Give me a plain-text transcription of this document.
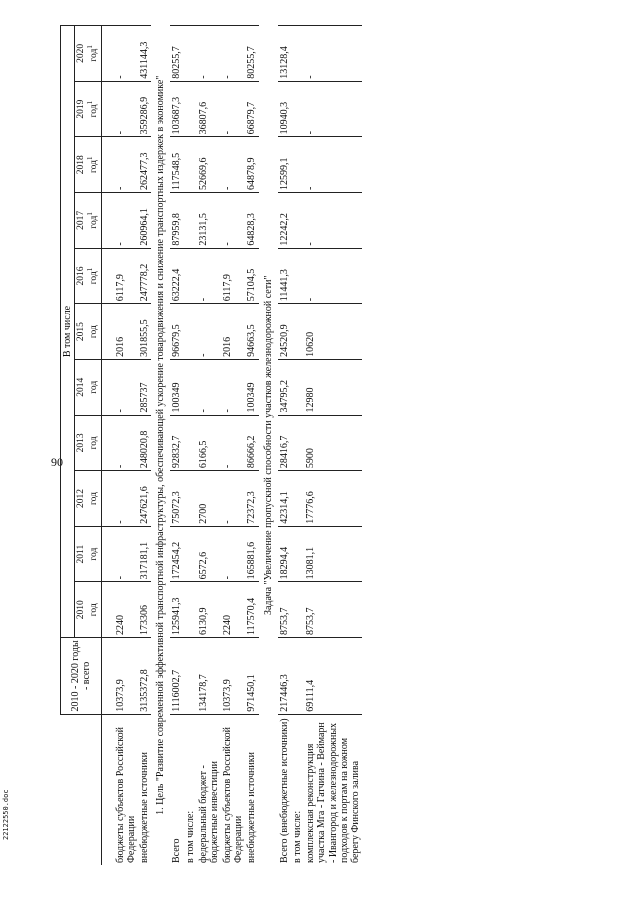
90
	2010 - 2020 годы - всего	В том числе										

		2010 год	2011 год	2012 год	2013 год	2014 год	2015 год	2016 год$^1$	2017 год$^1$	2018 год$^1$	2019 год$^1$	2020 год$^1$

бюджеты субъектов Российской Федерации	10373,9	2240	-	-	-	-	2016	6117,9	-	-	-	-
внебюджетные источники	3135372,8	173306	317181,1	247621,6	248020,8	285737	301855,5	247778,2	260964,1	262477,3	359286,9	431144,3
1. Цель "Развитие современной эффективной транспортной инфраструктуры, обеспечивающей ускорение товародвижения и снижение транспортных издержек в экономике"												
Всего	1116002,7	125941,3	172454,2	75072,3	92832,7	100349	96679,5	63222,4	87959,8	117548,5	103687,3	80255,7
в том числе:												
федеральный бюджет - бюджетные инвестиции	134178,7	6130,9	6572,6	2700	6166,5	-	-	-	23131,5	52669,6	36807,6	-
бюджеты субъектов Российской Федерации	10373,9	2240	-	-	-	-	2016	6117,9	-	-	-	-
внебюджетные источники	971450,1	117570,4	165881,6	72372,3	86666,2	100349	94663,5	57104,5	64828,3	64878,9	66879,7	80255,7
Задача "Увеличение пропускной способности участков железнодорожной сети"												
Всего (внебюджетные источники)	217446,3	8753,7	18294,4	42314,1	28416,7	34795,2	24520,9	11441,3	12242,2	12599,1	10940,3	13128,4
в том числе:												
комплексная реконструкция участка Мга - Гатчина - Веймарн - Ивангород и железнодорожных подходов к портам на южном берегу Финского залива	69111,4	8753,7	13081,1	17776,6	5900	12980	10620	-	-	-	-	-
22122550.doc
